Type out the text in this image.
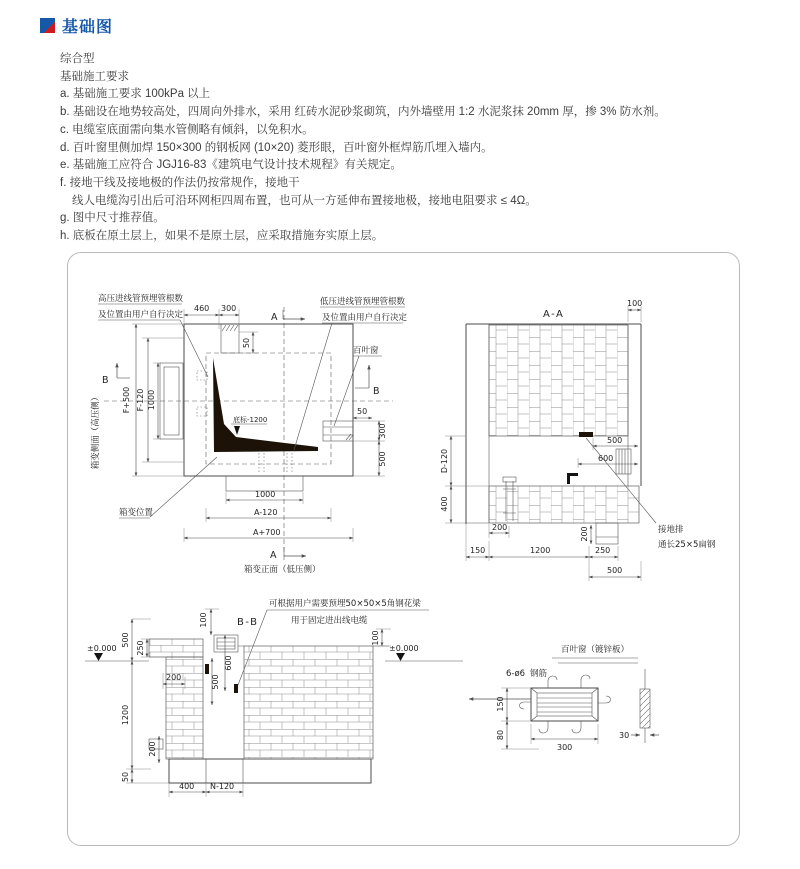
基础图
综合型
基础施工要求
a. 基础施工要求 100kPa 以上
b. 基础设在地势较高处，四周向外排水，采用 红砖水泥砂浆砌筑，内外墙壁用 1:2 水泥浆抹 20mm 厚，掺 3% 防水剂。
c. 电缆室底面需向集水管侧略有倾斜，以免积水。
d. 百叶窗里侧加焊 150×300 的钢板网 (10×20) 菱形眼，百叶窗外框焊筋爪埋入墙内。
e. 基础施工应符合 JGJ16-83《建筑电气设计技术规程》有关规定。
f. 接地干线及接地极的作法仍按常规作，接地干
线人电缆沟引出后可沿环网柜四周布置，也可从一方延伸布置接地极，接地电阻要求 ≤ 4Ω。
g. 图中尺寸推荐值。
h. 底板在原土层上，如果不是原土层，应采取措施夯实原上层。
底标-1200
高压进线管预埋管根数
及位置由用户自行决定
低压进线管预埋管根数
及位置由用户自行决定
百叶窗
箱变位置
箱变侧面（高压侧）
箱变正面（低压侧）
A
A
B
B
460 300
50
F+500 F-120 1000
50
300
500
1000
A-120
A+700
A-A
500
600
200
100
D-120
400
200
150	1200	250
500
接地排
通长25×5扁钢
B-B
可根据用户需要预埋50×50×5角钢花梁
用于固定进出线电缆
±0.000	±0.000
500
1200
50
250
200
200
100
600
500
100
400 N-120
百叶窗（镀锌板）
6-ø6 钢筋
150
80
300
30
